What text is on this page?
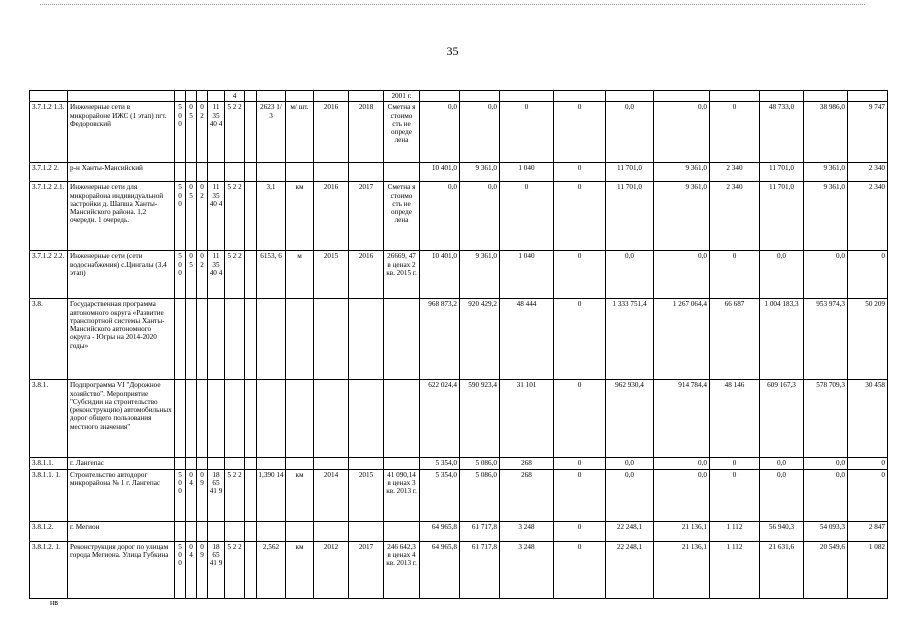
35
						4						2001 г.										
3.7.1.2 1.3.	Инженерные сети в микрорайоне ИЖС (1 этап) пгт. Федоровский	5 0 0	0 5	0 2	11 35 40 4	5 2 2		2623 1/ 3	м/ шт.	2016	2018	Сметна я стоимо сть не опреде лена	0,0	0,0	0	0	0,0	0,0	0	48 733,0	38 986,0	9 747
3.7.1.2 2.	р-н Ханты-Мансийский												10 401,0	9 361,0	1 040	0	11 701,0	9 361,0	2 340	11 701,0	9 361,0	2 340
3.7.1.2 2.1.	Инженерные сети для микрорайона индивидуальной застройки д. Шапша Ханты-Мансийского района. 1,2 очереди. 1 очередь.	5 0 0	0 5	0 2	11 35 40 4	5 2 2		3,1	км	2016	2017	Сметна я стоимо сть не опреде лена	0,0	0,0	0	0	11 701,0	9 361,0	2 340	11 701,0	9 361,0	2 340
3.7.1.2 2.2.	Инженерные сети (сети водоснабжения) с.Цингалы (3,4 этап)	5 0 0	0 5	0 2	11 35 40 4	5 2 2		6153, 6	м	2015	2016	26669, 47 в ценах 2 кв. 2015 г.	10 401,0	9 361,0	1 040	0	0,0	0,0	0	0,0	0,0	0
3.8.	Государственная программа автономного округа «Развитие транспортной системы Ханты-Мансийского автономного округа - Югры на 2014-2020 годы»												968 873,2	920 429,2	48 444	0	1 333 751,4	1 267 064,4	66 687	1 004 183,3	953 974,3	50 209
3.8.1.	Подпрограмма VI "Дорожное хозяйство". Мероприятие "Субсидии на строительство (реконструкцию) автомобильных дорог общего пользования местного значения"												622 024,4	590 923,4	31 101	0	962 930,4	914 784,4	48 146	609 167,3	578 709,3	30 458
3.8.1.1.	г. Лангепас												5 354,0	5 086,0	268	0	0,0	0,0	0	0,0	0,0	0
3.8.1.1. 1.	Строительство автодорог микрорайона № 1 г. Лангепас	5 0 0	0 4	0 9	18 65 41 9	5 2 2		1,390 14	км	2014	2015	41 090,14 в ценах 3 кв. 2013 г.	5 354,0	5 086,0	268	0	0,0	0,0	0	0,0	0,0	0
3.8.1.2.	г. Мегион												64 965,8	61 717,8	3 248	0	22 248,1	21 136,1	1 112	56 940,3	54 093,3	2 847
3.8.1.2. 1.	Реконструкция дорог по улицам города Мегиона. Улица Губкина	5 0 0	0 4	0 9	18 65 41 9	5 2 2		2,562	км	2012	2017	246 642,3 в ценах 4 кв. 2013 г.	64 965,8	61 717,8	3 248	0	22 248,1	21 136,1	1 112	21 631,6	20 549,6	1 082
нв
